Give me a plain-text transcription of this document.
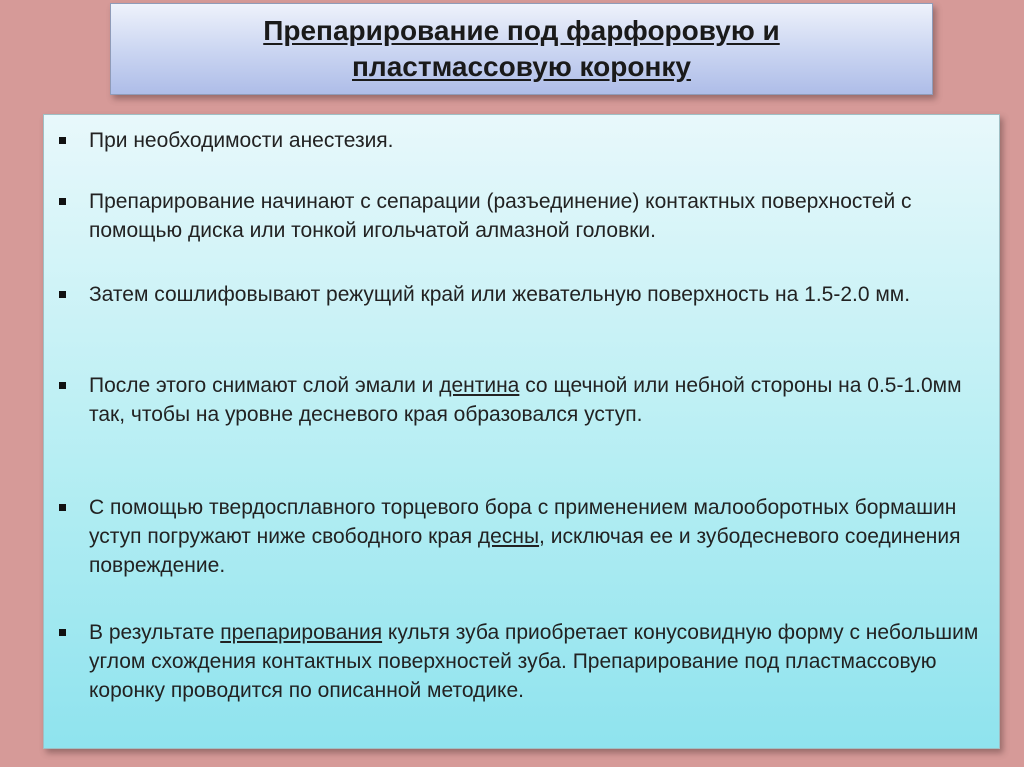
Препарирование под фарфоровую и
пластмассовую коронку
При необходимости анестезия.
Препарирование начинают с сепарации (разъединение) контактных поверхностей с помощью диска или тонкой игольчатой алмазной головки.
Затем сошлифовывают режущий край или жевательную поверхность на 1.5-2.0 мм.
После этого снимают слой эмали и дентина со щечной или небной стороны на 0.5-1.0мм так, чтобы на уровне десневого края образовался уступ.
С помощью твердосплавного торцевого бора с применением малооборотных бормашин уступ погружают ниже свободного края десны, исключая ее и зубодесневого соединения повреждение.
В результате препарирования культя зуба приобретает конусовидную форму с небольшим углом схождения контактных поверхностей зуба. Препарирование под пластмассовую коронку проводится по описанной методике.
